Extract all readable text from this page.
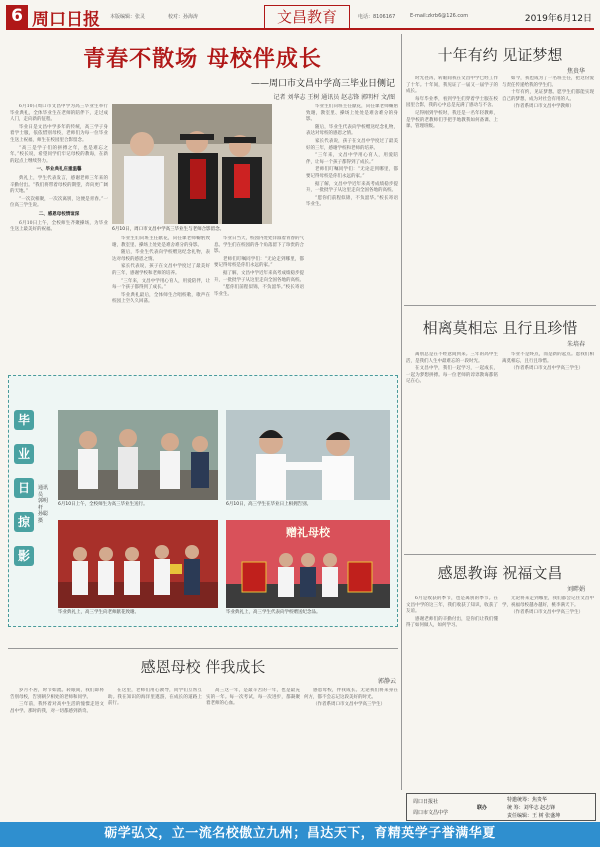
6 周口日报 本版编辑：张灵	校对：孙海涛	文昌教育	电话：8106167	E-mail:zkrb6@126.com	2019年6月12日
青春不散场 母校伴成长
——周口市文昌中学高三毕业日侧记
记者 刘华志 王树 通讯员 赵志锋 郭明杆 文/图
6月10日，周口市文昌中学高三毕业生与老师合影留念。

6月10日周口市文昌中学为高三毕业生举行毕业典礼，全体毕业生在老师的陪伴下，走过成人门，走向新的征程。

毕业日是文昌中学多年的传统，高三学子身着学士服，依依惜别母校，老师们为每一位毕业生送上祝福，师生在校园里合影留念。

“高三是学子们的拼搏之年，也是难忘之年。”校长说，希望同学们牢记母校的教诲，在新的起点上继续努力。

一、毕业典礼庄重温馨

典礼上，学生代表发言，感谢老师三年来的辛勤付出。“我们将带着母校的期望，奔向更广阔的天地。”

“一次次相聚，一次次离别，这便是青春。”一位高三学生说。

二、感恩母校情谊深

6月10日上午，全校师生齐聚操场，为毕业生送上最美好的祝福。

毕业生们向班主任献花，向任课老师鞠躬致谢，教室里、操场上处处是难舍难分的身影。

随后，毕业生代表向学校赠送纪念礼物，表达对母校的感恩之情。

家长代表说，孩子在文昌中学度过了最美好的三年，感谢学校和老师的培养。

“三年来，文昌中学用心育人，用爱陪伴，让每一个孩子都得到了成长。”

毕业典礼最后，全体师生合唱校歌，歌声在校园上空久久回荡。

毕业日当天，校园内处处洋溢着青春的气息。学生们在校园的各个角落留下了珍贵的合影。

老师们叮嘱同学们：“无论走到哪里，都要记得母校是你们永远的家。”

据了解，文昌中学近年来高考成绩稳步提升，一批批学子从这里走向全国各地的高校。

“愿你们前程似锦，不负韶华。”校长寄语毕业生。

毕业生们向班主任献花，向任课老师鞠躬致谢，教室里、操场上处处是难舍难分的身影。

随后，毕业生代表向学校赠送纪念礼物，表达对母校的感恩之情。

家长代表说，孩子在文昌中学度过了最美好的三年，感谢学校和老师的培养。

“三年来，文昌中学用心育人，用爱陪伴，让每一个孩子都得到了成长。”

老师们叮嘱同学们：“无论走到哪里，都要记得母校是你们永远的家。”

据了解，文昌中学近年来高考成绩稳步提升，一批批学子从这里走向全国各地的高校。

“愿你们前程似锦，不负韶华。”校长寄语毕业生。

十年有约 见证梦想
焦贵华

时光荏苒，转眼间我在文昌中学已经工作了十年。十年间，我见证了一届又一届学子的成长。

每年毕业季，看到学生们穿着学士服在校园里合影，我的心中总是充满了感动与不舍。

记得刚到学校时，我还是一名年轻教师，是学校的老教师们手把手地教我如何备课、上课、管理班级。

如今，我也成为了一名班主任，把这份爱与责任传递给我的学生们。

十年有约，见证梦想。愿学生们都能实现自己的梦想，成为对社会有用的人。

（作者系周口市文昌中学教师）

相离莫相忘 且行且珍惜
朱培春

离别总是在不经意间到来。三年的高中生活，是我们人生中最难忘的一段时光。

在文昌中学，我们一起学习，一起成长，一起为梦想拼搏。每一位老师的谆谆教诲都铭记在心。

毕业不是终点，而是新的起点。愿我们相离莫相忘，且行且珍惜。

（作者系周口市文昌中学高三学生）

感恩教诲 祝福文昌
刘畔娟

6月是收获的季节，也是离别的季节。在文昌中学的这三年，我们收获了知识，收获了友谊。

感谢老师们的辛勤付出，是你们让我们懂得了如何做人，如何学习。

无论将来走到哪里，我们都会记住文昌中学，祝福母校越办越好，桃李满天下。

（作者系周口市文昌中学高三学生）

毕
业
日
掠
影
通讯员 郭明杆 孙聪 摄
6月10日上午，全校师生为高三毕业生送行。	6月10日，高三学生在毕业日上相拥告别。
毕业典礼上，高三学生向老师献花致谢。
赠礼母校
毕业典礼上，高三学生代表向学校赠送纪念品。
感恩母校 伴我成长
郭静云

岁月不居，时节如流。转眼间，我们即将告别母校，告别朝夕相处的老师和同学。

三年前，我怀着对高中生活的憧憬走进文昌中学。那时的我，对一切都感到新奇。

在这里，老师们用心教导，同学们互帮互助。我在知识的海洋里遨游，在成长的道路上前行。

高三这一年，是最辛苦的一年，也是最充实的一年。每一次考试，每一次进步，都凝聚着老师的心血。

感恩母校，伴我成长。无论我们将来身在何方，都不会忘记这段美好的时光。

（作者系周口市文昌中学高三学生）

周口日报社
周口市文昌中学
联办
特邀统筹：焦贵华
统 筹：刘华志 赵志锋
责任编辑：王 树 张盛坤
砺学弘文，立一流名校傲立九州；昌达天下，育精英学子誉满华夏
